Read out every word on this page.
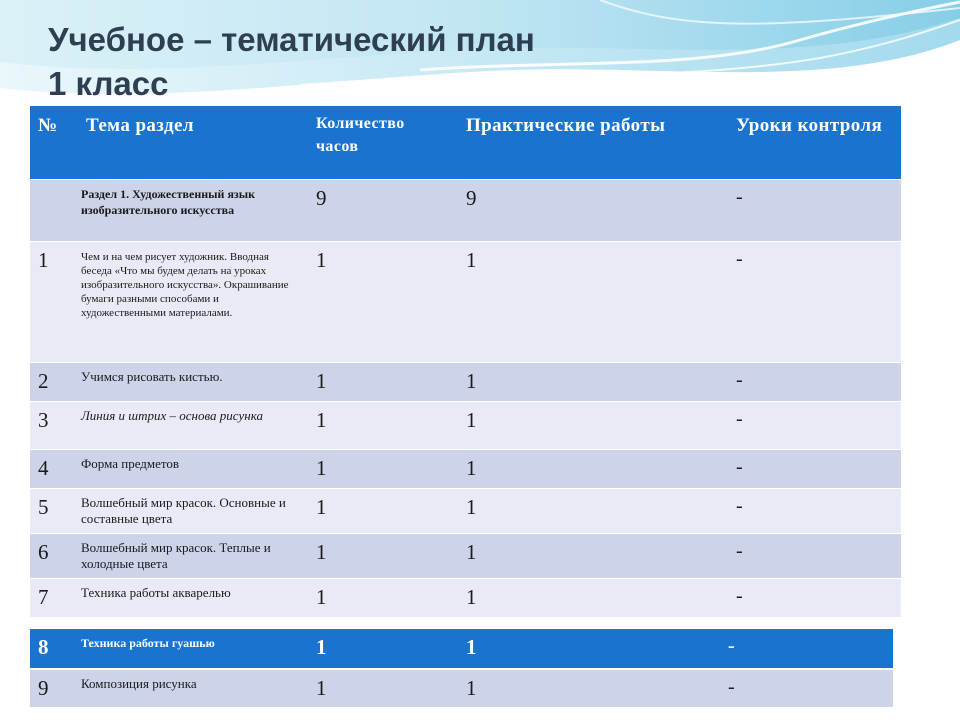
Учебное – тематический план
1 класс
№	Тема раздел	Количество часов	Практические работы	Уроки контроля
	Раздел 1. Художественный язык изобразительного искусства	9	9	-
1	Чем и на чем рисует художник. Вводная беседа «Что мы будем делать на уроках изобразительного искусства». Окрашивание бумаги разными способами и художественными материалами.	1	1	-
2	Учимся рисовать кистью.	1	1	-
3	Линия и штрих – основа рисунка	1	1	-
4	Форма предметов	1	1	-
5	Волшебный мир красок. Основные и составные цвета	1	1	-
6	Волшебный мир красок. Теплые и холодные цвета	1	1	-
7	Техника работы акварелью	1	1	-
8	Техника работы гуашью	1	1	-
9	Композиция рисунка	1	1	-
